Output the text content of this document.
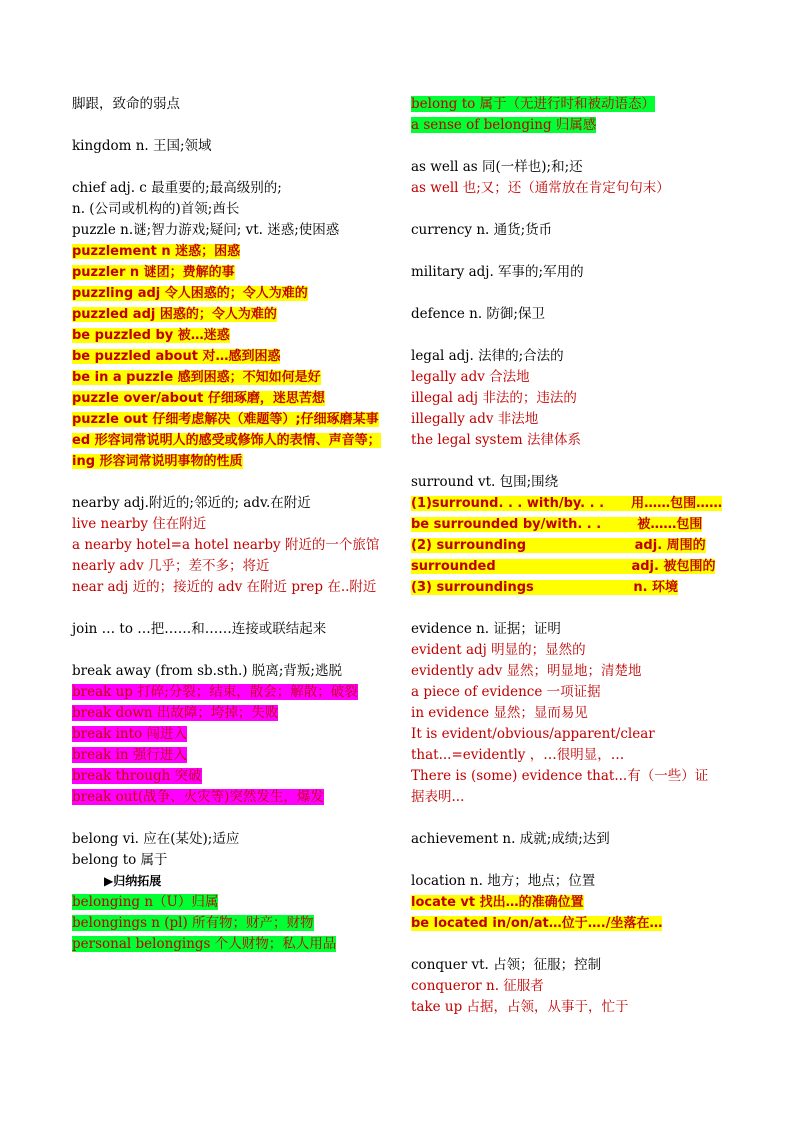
脚跟，致命的弱点
kingdom n. 王国;领域
chief adj. c 最重要的;最高级别的;
n. (公司或机构的)首领;酋长
puzzle n.谜;智力游戏;疑问; vt. 迷惑;使困惑
puzzlement n 迷惑；困惑
puzzler n 谜团；费解的事
puzzling adj 令人困惑的；令人为难的
puzzled adj 困惑的；令人为难的
be puzzled by 被…迷惑
be puzzled about 对…感到困惑
be in a puzzle 感到困惑；不知如何是好
puzzle over/about 仔细琢磨，迷思苦想
puzzle out 仔细考虑解决（难题等）;仔细琢磨某事
ed 形容词常说明人的感受或修饰人的表情、声音等；ing 形容词常说明事物的性质
nearby adj.附近的;邻近的; adv.在附近
live nearby 住在附近
a nearby hotel=a hotel nearby 附近的一个旅馆
nearly adv 几乎；差不多；将近
near adj 近的；接近的 adv 在附近 prep 在..附近
join … to …把……和……连接或联结起来
break away (from sb.sth.) 脱离;背叛;逃脱
break up 打碎;分裂；结束，散会；解散；破裂
break down 出故障；垮掉；失败
break into 闯进入
break in 强行进入
break through 突破
break out(战争、火灾等)突然发生，爆发
belong vi. 应在(某处);适应
belong to 属于
▶归纳拓展
belonging n（U）归属
belongings n (pl) 所有物；财产；财物
personal belongings 个人财物；私人用品
belong to 属于（无进行时和被动语态）
a sense of belonging 归属感
as well as 同(一样也);和;还
as well 也;又；还（通常放在肯定句句末）
currency n. 通货;货币
military adj. 军事的;军用的
defence n. 防御;保卫
legal adj. 法律的;合法的
legally adv 合法地
illegal adj 非法的；违法的
illegally adv 非法地
the legal system 法律体系
surround vt. 包围;围绕
(1)surround. . . with/by. . .      用……包围……
be surrounded by/with. . .        被……包围
(2) surrounding                        adj. 周围的
surrounded                              adj. 被包围的
(3) surroundings                      n. 环境
evidence n. 证据；证明
evident adj 明显的；显然的
evidently adv 显然；明显地；清楚地
a piece of evidence 一项证据
in evidence 显然；显而易见
It is evident/obvious/apparent/clear that...=evidently ，…很明显，…
There is (some) evidence that...有（一些）证据表明...
achievement n. 成就;成绩;达到
location n. 地方；地点；位置
locate vt 找出…的准确位置
be located in/on/at…位于…./坐落在…
conquer vt. 占领；征服；控制
conqueror n. 征服者
take up 占据，占领，从事于，忙于
